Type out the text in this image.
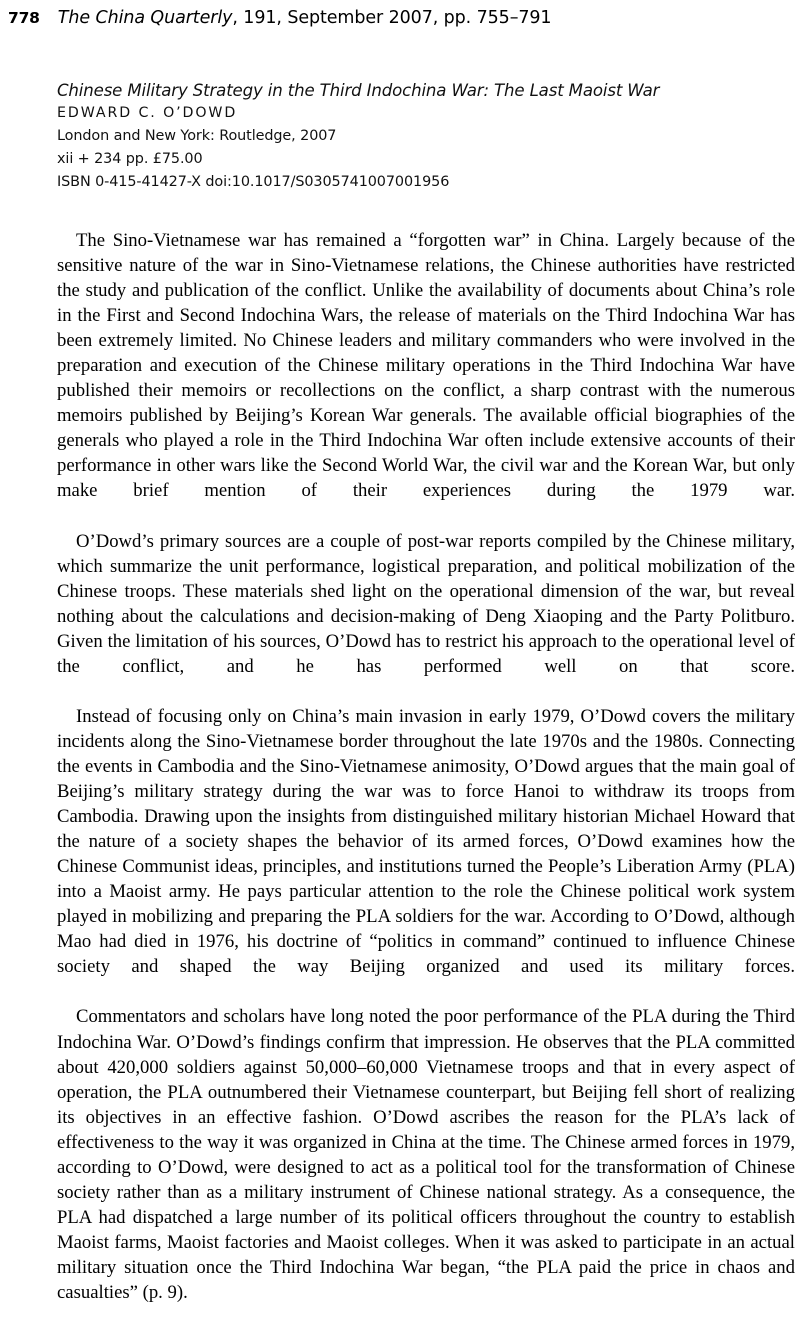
778 The China Quarterly, 191, September 2007, pp. 755–791
Chinese Military Strategy in the Third Indochina War: The Last Maoist War
EDWARD C. O’DOWD
London and New York: Routledge, 2007
xii + 234 pp. £75.00
ISBN 0-415-41427-X doi:10.1017/S0305741007001956

The Sino-Vietnamese war has remained a “forgotten war” in China. Largely because of the sensitive nature of the war in Sino-Vietnamese relations, the Chinese authorities have restricted the study and publication of the conflict. Unlike the availability of documents about China’s role in the First and Second Indochina Wars, the release of materials on the Third Indochina War has been extremely limited. No Chinese leaders and military commanders who were involved in the preparation and execution of the Chinese military operations in the Third Indochina War have published their memoirs or recollections on the conflict, a sharp contrast with the numerous memoirs published by Beijing’s Korean War generals. The available official biographies of the generals who played a role in the Third Indochina War often include extensive accounts of their performance in other wars like the Second World War, the civil war and the Korean War, but only make brief mention of their experiences during the 1979 war.

O’Dowd’s primary sources are a couple of post-war reports compiled by the Chinese military, which summarize the unit performance, logistical preparation, and political mobilization of the Chinese troops. These materials shed light on the operational dimension of the war, but reveal nothing about the calculations and decision-making of Deng Xiaoping and the Party Politburo. Given the limitation of his sources, O’Dowd has to restrict his approach to the operational level of the conflict, and he has performed well on that score.

Instead of focusing only on China’s main invasion in early 1979, O’Dowd covers the military incidents along the Sino-Vietnamese border throughout the late 1970s and the 1980s. Connecting the events in Cambodia and the Sino-Vietnamese animosity, O’Dowd argues that the main goal of Beijing’s military strategy during the war was to force Hanoi to withdraw its troops from Cambodia. Drawing upon the insights from distinguished military historian Michael Howard that the nature of a society shapes the behavior of its armed forces, O’Dowd examines how the Chinese Communist ideas, principles, and institutions turned the People’s Liberation Army (PLA) into a Maoist army. He pays particular attention to the role the Chinese political work system played in mobilizing and preparing the PLA soldiers for the war. According to O’Dowd, although Mao had died in 1976, his doctrine of “politics in command” continued to influence Chinese society and shaped the way Beijing organized and used its military forces.

Commentators and scholars have long noted the poor performance of the PLA during the Third Indochina War. O’Dowd’s findings confirm that impression. He observes that the PLA committed about 420,000 soldiers against 50,000–60,000 Vietnamese troops and that in every aspect of operation, the PLA outnumbered their Vietnamese counterpart, but Beijing fell short of realizing its objectives in an effective fashion. O’Dowd ascribes the reason for the PLA’s lack of effectiveness to the way it was organized in China at the time. The Chinese armed forces in 1979, according to O’Dowd, were designed to act as a political tool for the transformation of Chinese society rather than as a military instrument of Chinese national strategy. As a consequence, the PLA had dispatched a large number of its political officers throughout the country to establish Maoist farms, Maoist factories and Maoist colleges. When it was asked to participate in an actual military situation once the Third Indochina War began, “the PLA paid the price in chaos and casualties” (p. 9).
